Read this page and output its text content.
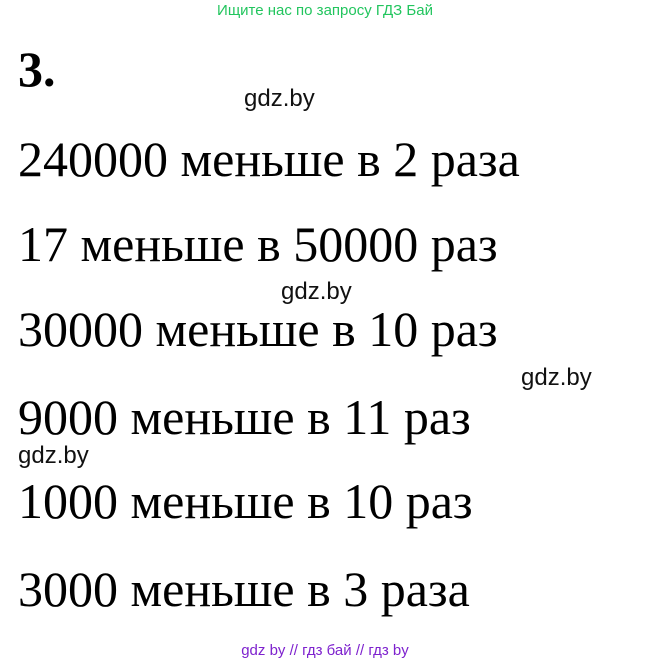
Ищите нас по запросу ГДЗ Бай
3.
gdz.by
240000 меньше в 2 раза
17 меньше в 50000 раз
gdz.by
30000 меньше в 10 раз
gdz.by
9000 меньше в 11 раз
gdz.by
1000 меньше в 10 раз
3000 меньше в 3 раза
gdz by // гдз бай // гдз by
